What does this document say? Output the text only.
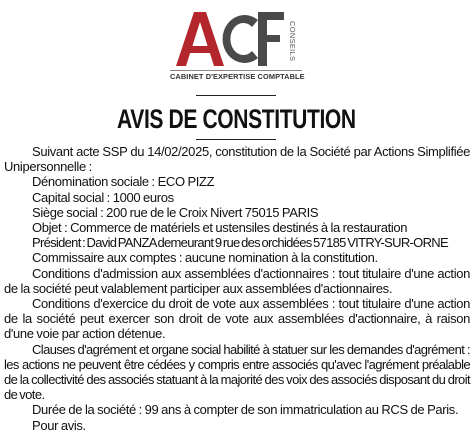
CONSEILS
CABINET D'EXPERTISE COMPTABLE
AVIS DE CONSTITUTION

Suivant acte SSP du 14/02/2025, constitution de la Société par Actions Simplifiée Unipersonnelle :

Dénomination sociale : ECO PIZZ

Capital social : 1000 euros

Siège social : 200 rue de le Croix Nivert 75015 PARIS

Objet : Commerce de matériels et ustensiles destinés à la restauration

Président : David PANZA demeurant 9 rue des orchidées 57185 VITRY-SUR-ORNE

Commissaire aux comptes : aucune nomination à la constitution.

Conditions d'admission aux assemblées d'actionnaires : tout titulaire d'une action de la société peut valablement participer aux assemblées d'actionnaires.

Conditions d'exercice du droit de vote aux assemblées : tout titulaire d'une action de la société peut exercer son droit de vote aux assemblées d'actionnaire, à raison d'une voie par action détenue.

Clauses d'agrément et organe social habilité à statuer sur les demandes d'agrément : les actions ne peuvent être cédées y compris entre associés qu'avec l'agrément préalable de la collectivité des associés statuant à la majorité des voix des associés disposant du droit de vote.

Durée de la société : 99 ans à compter de son immatriculation au RCS de Paris.

Pour avis.
